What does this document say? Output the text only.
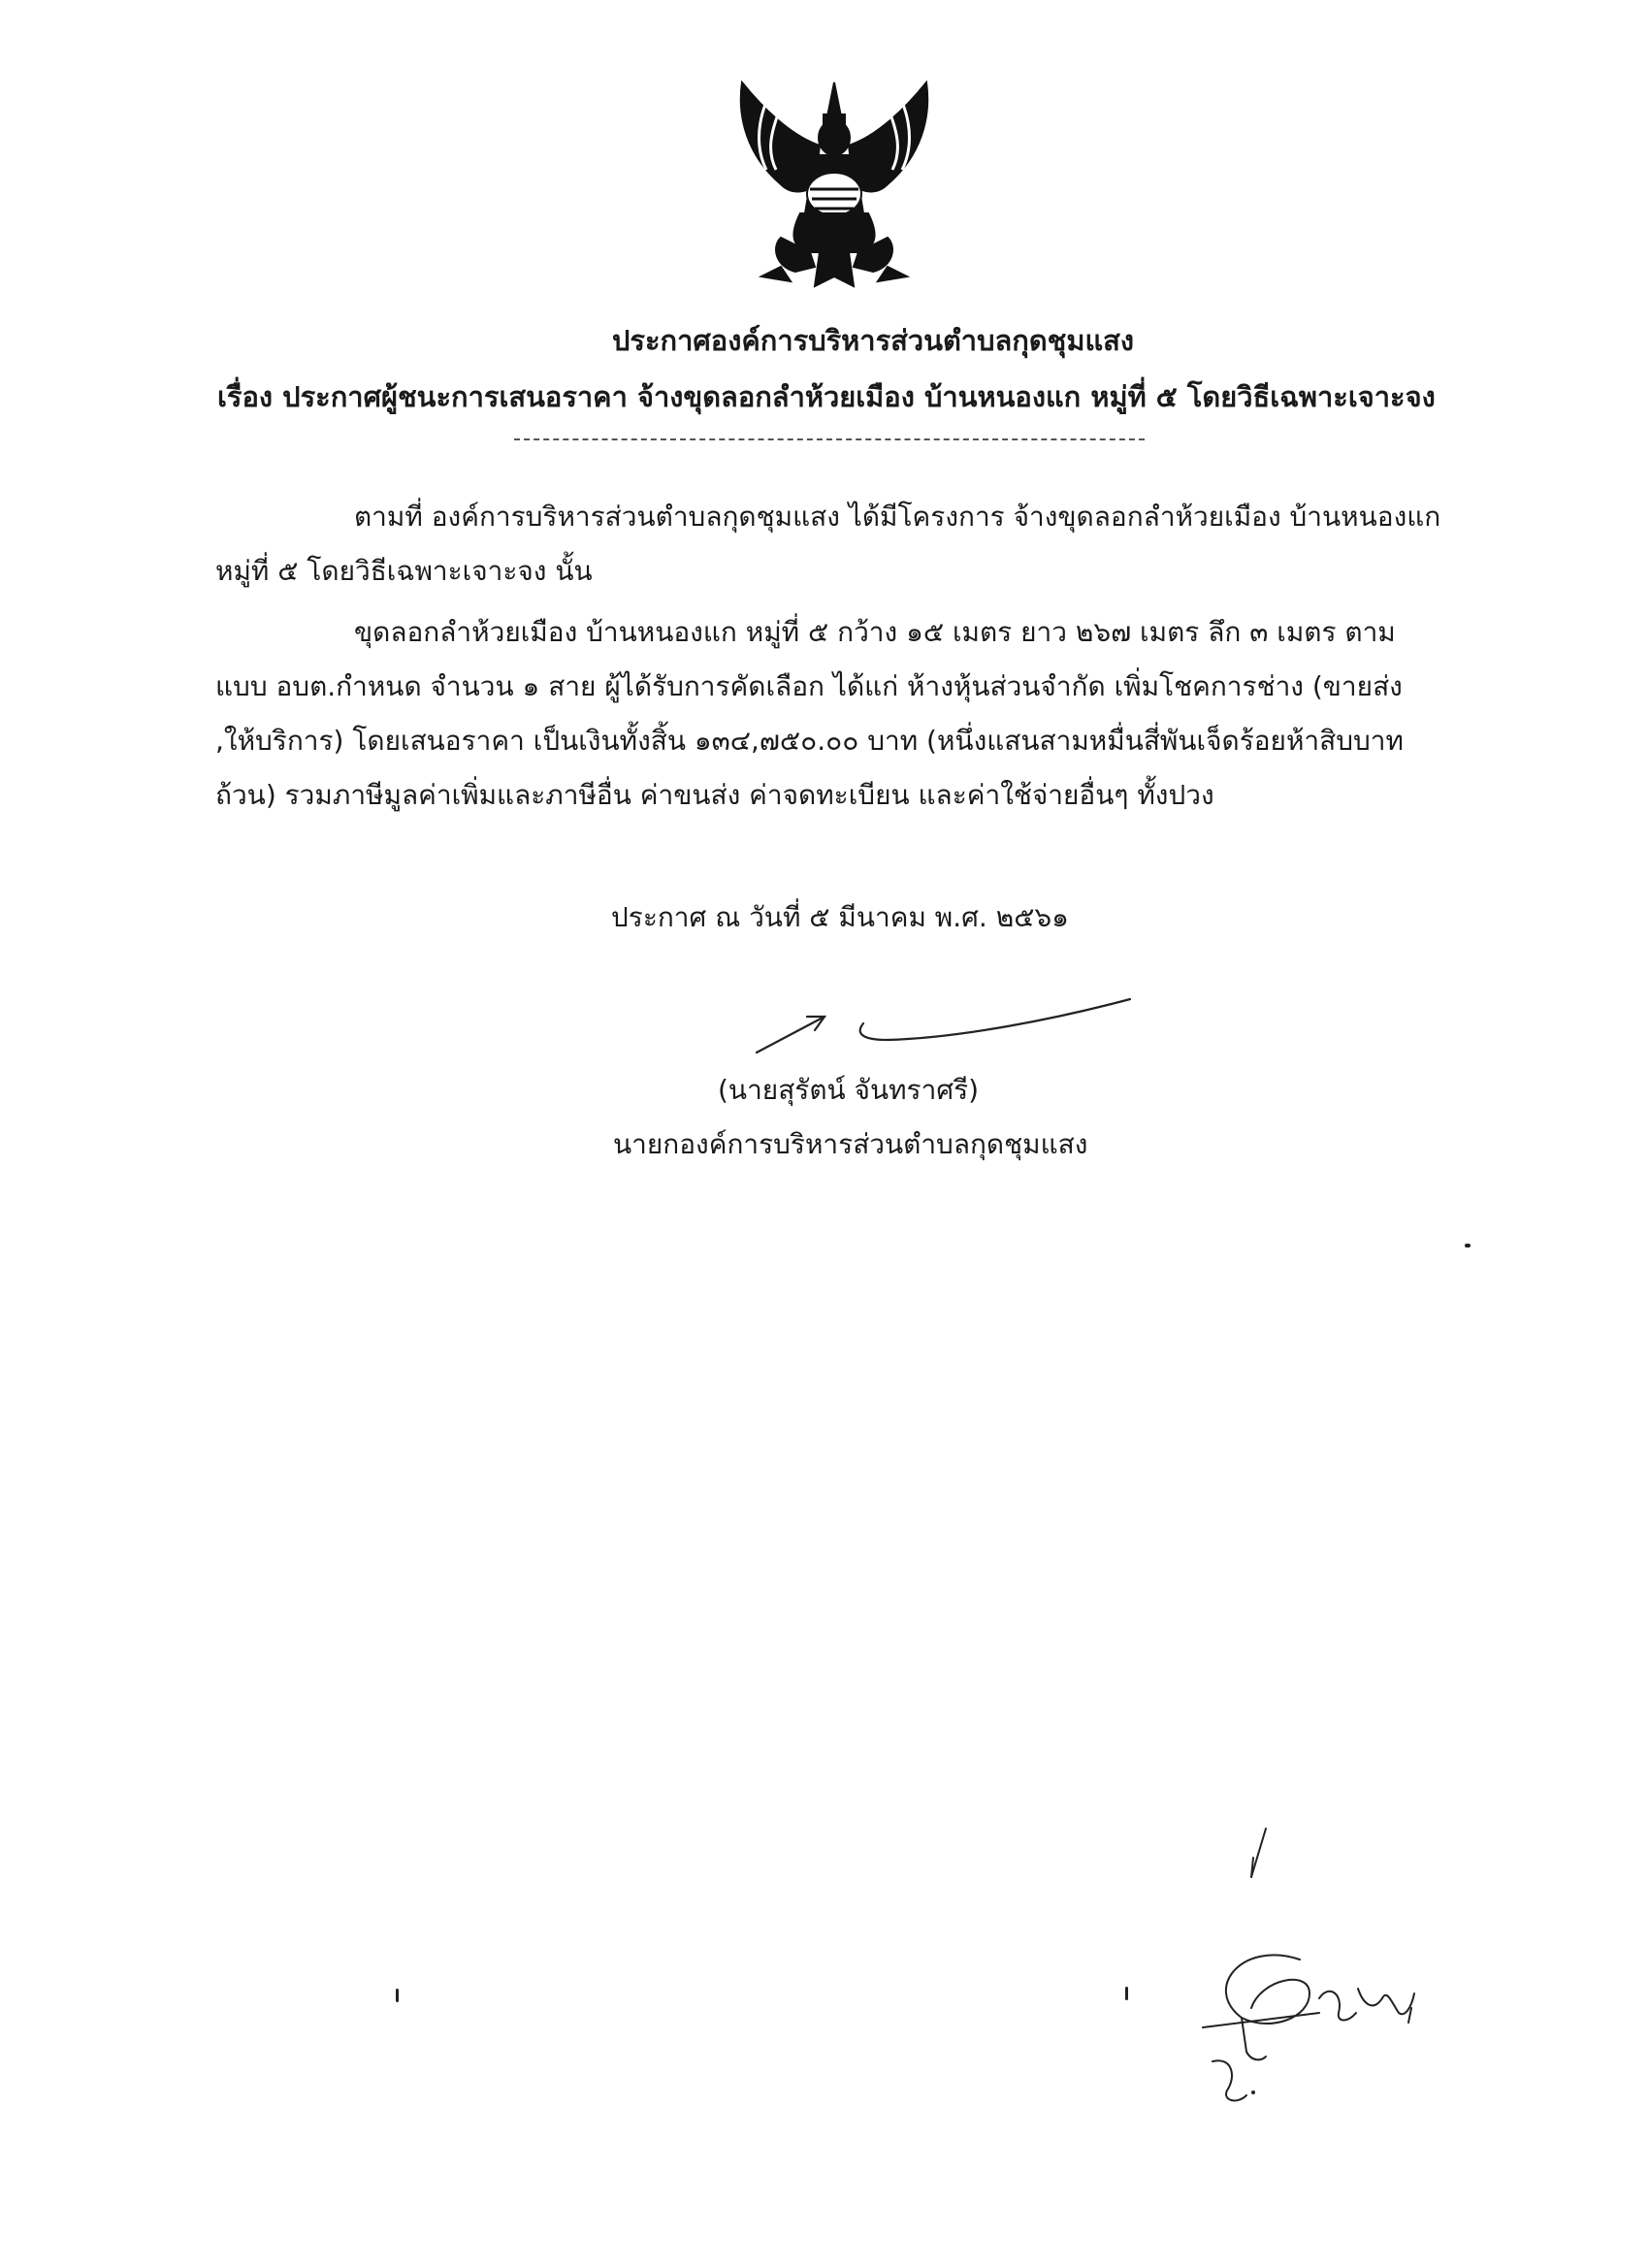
ประกาศองค์การบริหารส่วนตำบลกุดชุมแสง
เรื่อง ประกาศผู้ชนะการเสนอราคา จ้างขุดลอกลำห้วยเมือง บ้านหนองแก หมู่ที่ ๕ โดยวิธีเฉพาะเจาะจง
ตามที่ องค์การบริหารส่วนตำบลกุดชุมแสง ได้มีโครงการ จ้างขุดลอกลำห้วยเมือง บ้านหนองแก
หมู่ที่ ๕ โดยวิธีเฉพาะเจาะจง นั้น
ขุดลอกลำห้วยเมือง บ้านหนองแก หมู่ที่ ๕ กว้าง ๑๕ เมตร ยาว ๒๖๗ เมตร ลึก ๓ เมตร ตาม
แบบ อบต.กำหนด จำนวน ๑ สาย ผู้ได้รับการคัดเลือก ได้แก่ ห้างหุ้นส่วนจำกัด เพิ่มโชคการช่าง (ขายส่ง
,ให้บริการ) โดยเสนอราคา เป็นเงินทั้งสิ้น ๑๓๔,๗๕๐.๐๐ บาท (หนึ่งแสนสามหมื่นสี่พันเจ็ดร้อยห้าสิบบาท
ถ้วน) รวมภาษีมูลค่าเพิ่มและภาษีอื่น ค่าขนส่ง ค่าจดทะเบียน และค่าใช้จ่ายอื่นๆ ทั้งปวง
ประกาศ ณ วันที่ ๕ มีนาคม พ.ศ. ๒๕๖๑
(นายสุรัตน์ จันทราศรี)
นายกองค์การบริหารส่วนตำบลกุดชุมแสง
